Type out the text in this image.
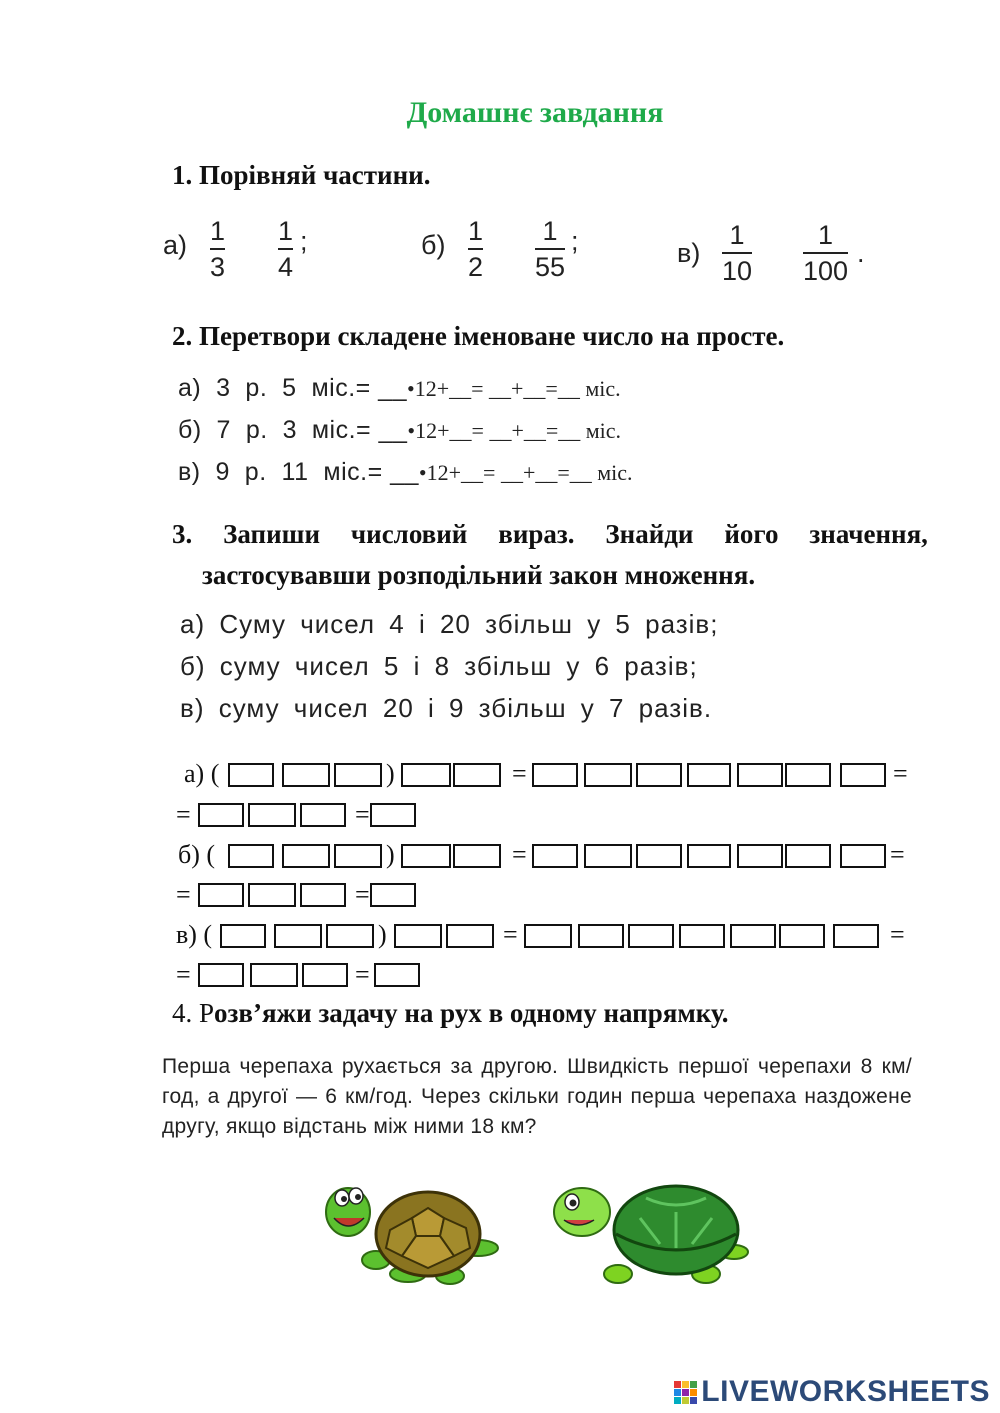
Домашнє завдання
1. Порівняй частини.
а) 1
3
1
4
;	б) 1
2
1
55
;	в)
1
10
1
100
.
2. Перетвори складене іменоване число на просте.
а)  3  р.  5  міс.= __•12+__= __+__=__ міс.
б)  7  р.  3  міс.= __•12+__= __+__=__ міс.
в)  9  р.  11  міс.= __•12+__= __+__=__ міс.
3. Запиши числовий вираз. Знайди його значення,
застосувавши розподільний закон множення.
а) Суму чисел 4 і 20 збільш у 5 разів;
б) суму чисел 5 і 8 збільш у 6 разів;
в) суму чисел 20 і 9 збільш у 7 разів.
а) (	)	=	=
=	=
б) (	)	=	=
=	=
в) (	)	=	=
=	=
4. Розв’яжи задачу на рух в одному напрямку.
Перша черепаха рухається за другою. Швидкість першої черепахи 8 км/год, а другої — 6 км/год. Через скільки годин перша черепаха наздожене другу, якщо відстань між ними 18 км?
LIVEWORKSHEETS
